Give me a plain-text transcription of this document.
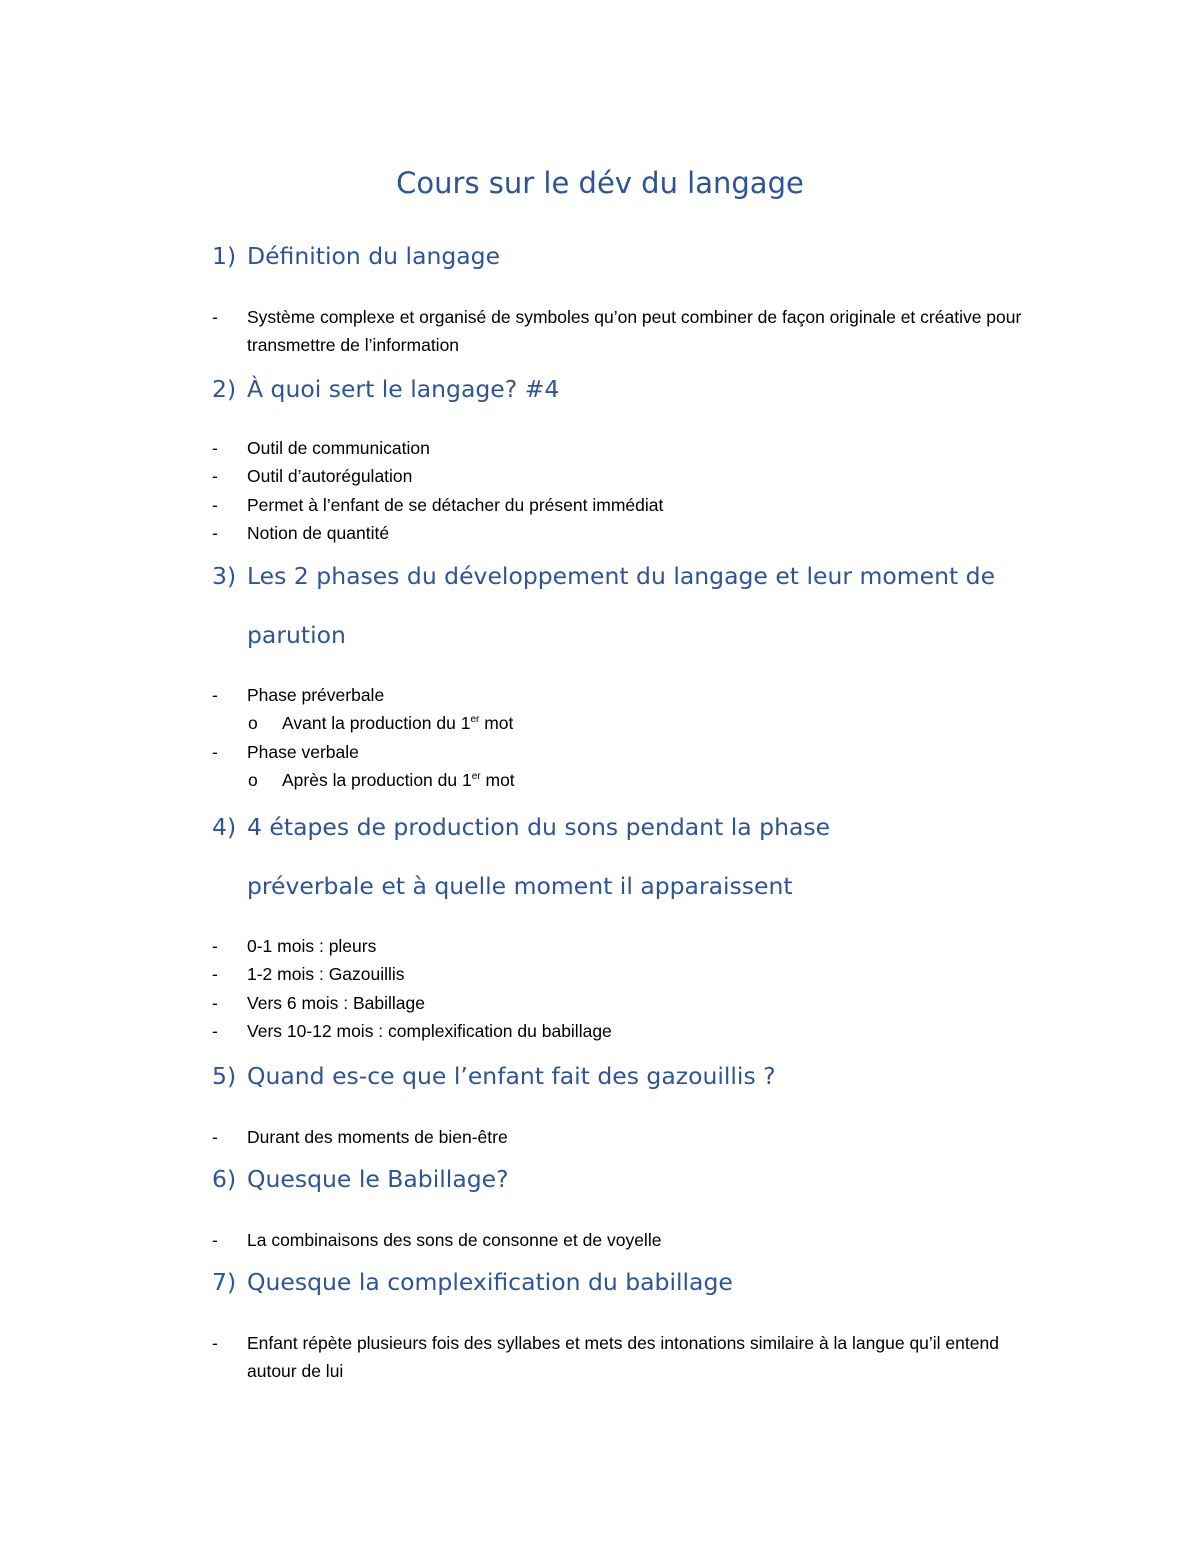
Cours sur le dév du langage
1) Définition du langage
-	Système complexe et organisé de symboles qu’on peut combiner de façon originale et créative pour transmettre de l’information
2) À quoi sert le langage? #4
-	Outil de communication
-	Outil d’autorégulation
-	Permet à l’enfant de se détacher du présent immédiat
-	Notion de quantité
3) Les 2 phases du développement du langage et leur moment de parution
-	Phase préverbale
o Avant la production du 1er mot
-	Phase verbale
o Après la production du 1er mot
4) 4 étapes de production du sons pendant la phase préverbale et à quelle moment il apparaissent
-	0-1 mois : pleurs
-	1-2 mois : Gazouillis
-	Vers 6 mois : Babillage
-	Vers 10-12 mois : complexification du babillage
5) Quand es-ce que l’enfant fait des gazouillis ?
-	Durant des moments de bien-être
6) Quesque le Babillage?
-	La combinaisons des sons de consonne et de voyelle
7) Quesque la complexification du babillage
-	Enfant répète plusieurs fois des syllabes et mets des intonations similaire à la langue qu’il entend autour de lui
